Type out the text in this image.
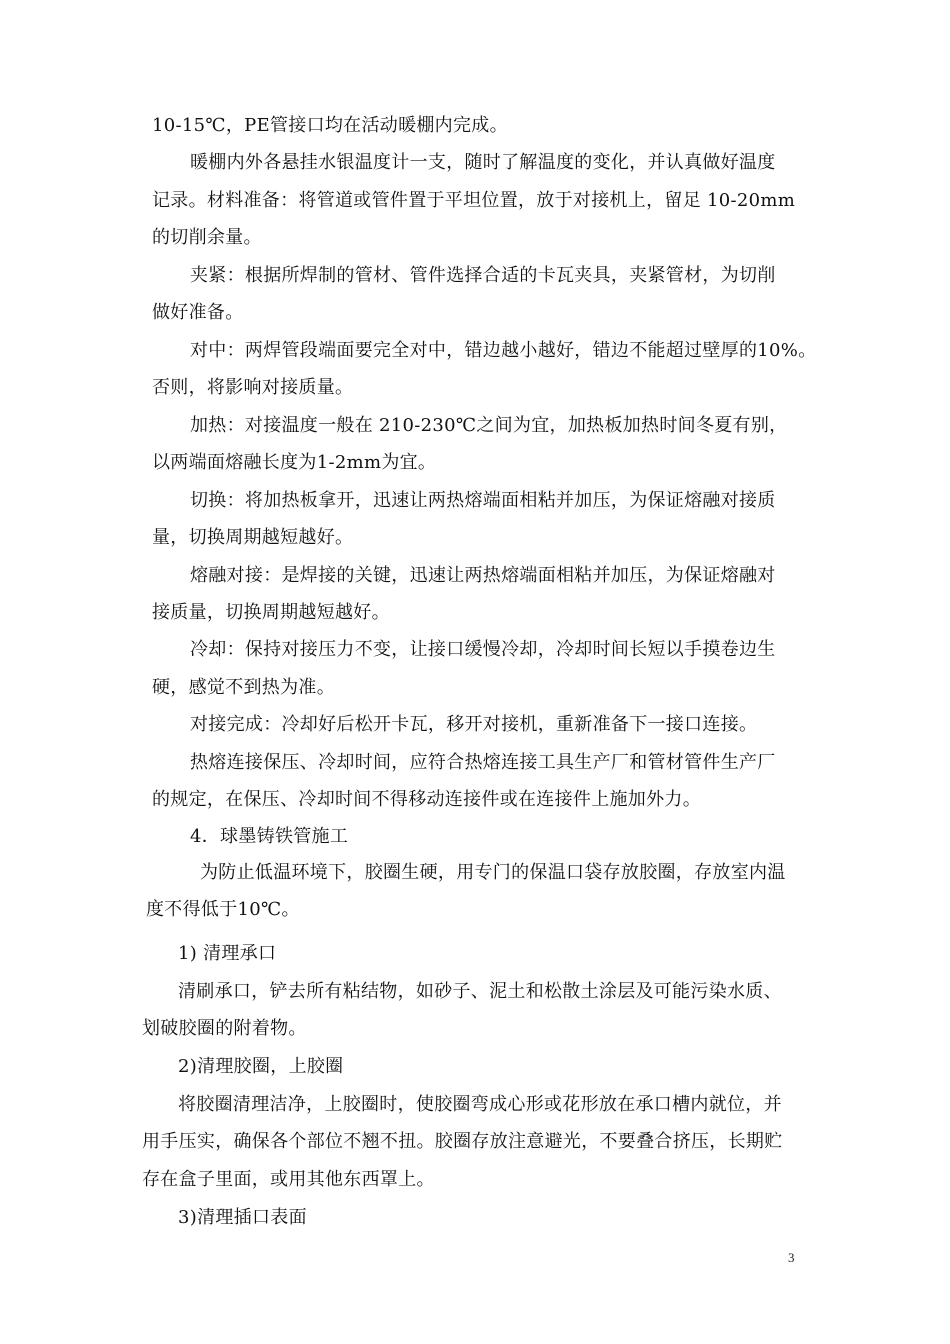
10-15℃，PE管接口均在活动暖棚内完成。
暖棚内外各悬挂水银温度计一支，随时了解温度的变化，并认真做好温度
记录。材料准备：将管道或管件置于平坦位置，放于对接机上，留足 10-20mm
的切削余量。
夹紧：根据所焊制的管材、管件选择合适的卡瓦夹具，夹紧管材，为切削
做好准备。
对中：两焊管段端面要完全对中，错边越小越好，错边不能超过壁厚的10%。
否则，将影响对接质量。
加热：对接温度一般在 210-230℃之间为宜，加热板加热时间冬夏有别，
以两端面熔融长度为1-2mm为宜。
切换：将加热板拿开，迅速让两热熔端面相粘并加压，为保证熔融对接质
量，切换周期越短越好。
熔融对接：是焊接的关键，迅速让两热熔端面相粘并加压，为保证熔融对
接质量，切换周期越短越好。
冷却：保持对接压力不变，让接口缓慢冷却，冷却时间长短以手摸卷边生
硬，感觉不到热为准。
对接完成：冷却好后松开卡瓦，移开对接机，重新准备下一接口连接。
热熔连接保压、冷却时间，应符合热熔连接工具生产厂和管材管件生产厂
的规定，在保压、冷却时间不得移动连接件或在连接件上施加外力。
4．球墨铸铁管施工
为防止低温环境下，胶圈生硬，用专门的保温口袋存放胶圈，存放室内温
度不得低于10℃。
1) 清理承口
清刷承口，铲去所有粘结物，如砂子、泥土和松散土涂层及可能污染水质、
划破胶圈的附着物。
2)清理胶圈，上胶圈
将胶圈清理洁净，上胶圈时，使胶圈弯成心形或花形放在承口槽内就位，并
用手压实，确保各个部位不翘不扭。胶圈存放注意避光，不要叠合挤压，长期贮
存在盒子里面，或用其他东西罩上。
3)清理插口表面
3
